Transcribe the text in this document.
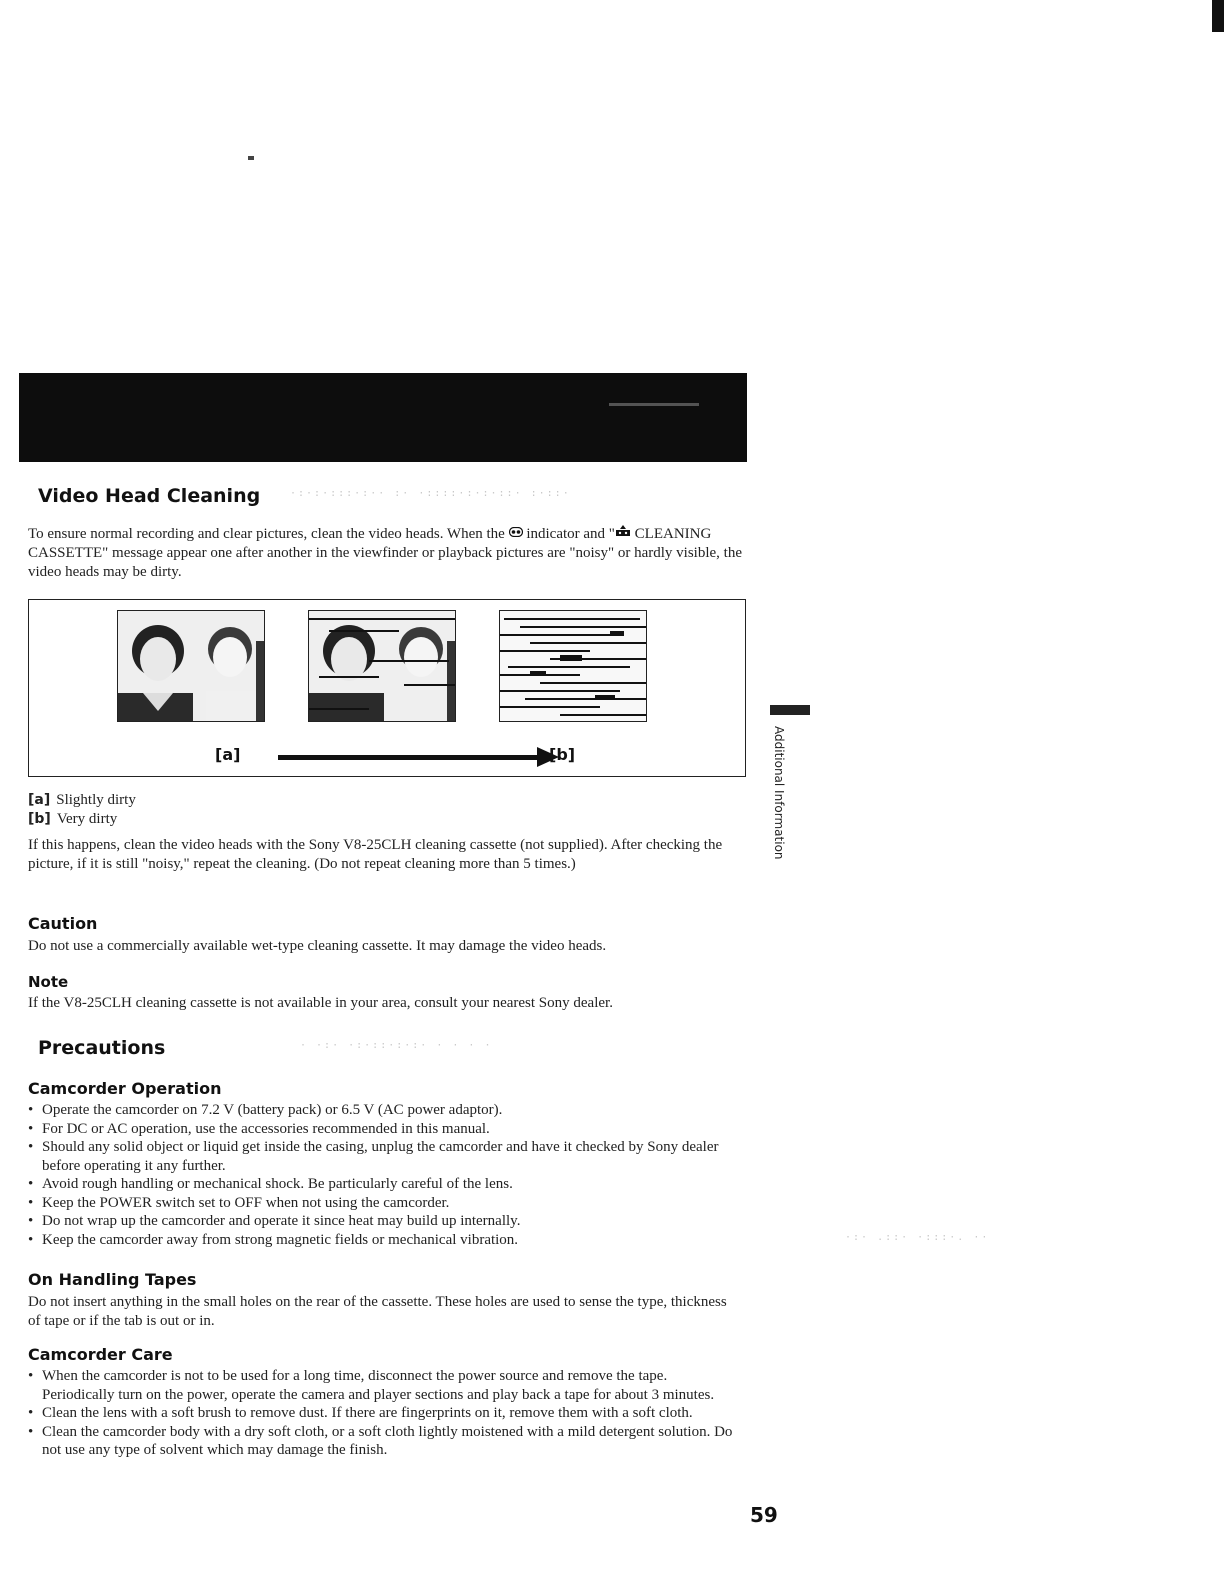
Video Head Cleaning	·:·:·:::·:·· :· ·::::·:·:·::· :·::·
To ensure normal recording and clear pictures, clean the video heads. When the indicator and " CLEANING CASSETTE" message appear one after another in the viewfinder or playback pictures are "noisy" or hardly visible, the video heads may be dirty.
[a]	[b]
[a] Slightly dirty
[b] Very dirty
If this happens, clean the video heads with the Sony V8-25CLH cleaning cassette (not supplied). After checking the picture, if it is still "noisy," repeat the cleaning. (Do not repeat cleaning more than 5 times.)
Caution
Do not use a commercially available wet-type cleaning cassette. It may damage the video heads.
Note
If the V8-25CLH cleaning cassette is not available in your area, consult your nearest Sony dealer.
Precautions	· ·:· ·:·::·:·:· · · · ·
Camcorder Operation
• Operate the camcorder on 7.2 V (battery pack) or 6.5 V (AC power adaptor).
• For DC or AC operation, use the accessories recommended in this manual.
• Should any solid object or liquid get inside the casing, unplug the camcorder and have it checked by Sony dealer before operating it any further.
• Avoid rough handling or mechanical shock. Be particularly careful of the lens.
• Keep the POWER switch set to OFF when not using the camcorder.
• Do not wrap up the camcorder and operate it since heat may build up internally.
• Keep the camcorder away from strong magnetic fields or mechanical vibration.
On Handling Tapes
Do not insert anything in the small holes on the rear of the cassette. These holes are used to sense the type, thickness of tape or if the tab is out or in.
Camcorder Care
• When the camcorder is not to be used for a long time, disconnect the power source and remove the tape. Periodically turn on the power, operate the camera and player sections and play back a tape for about 3 minutes.
• Clean the lens with a soft brush to remove dust. If there are fingerprints on it, remove them with a soft cloth.
• Clean the camcorder body with a dry soft cloth, or a soft cloth lightly moistened with a mild detergent solution. Do not use any type of solvent which may damage the finish.
Additional Information
·:· .::· ·:::·. ··
59
